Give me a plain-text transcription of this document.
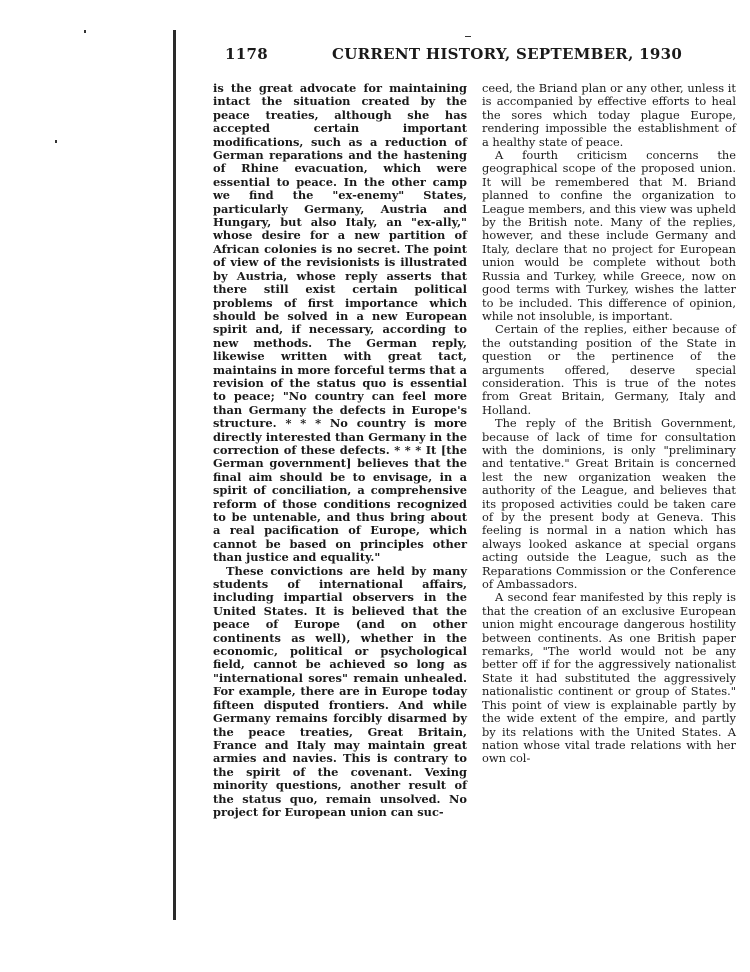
1178	CURRENT HISTORY, SEPTEMBER, 1930

is the great advocate for maintaining intact the situation created by the peace treaties, although she has accepted certain important modifications, such as a reduction of German reparations and the hastening of Rhine evacuation, which were essential to peace. In the other camp we find the "ex-enemy" States, particularly Germany, Austria and Hungary, but also Italy, an "ex-ally," whose desire for a new partition of African colonies is no secret. The point of view of the revisionists is illustrated by Austria, whose reply asserts that there still exist certain political problems of first importance which should be solved in a new European spirit and, if necessary, according to new methods. The German reply, likewise written with great tact, maintains in more forceful terms that a revision of the status quo is essential to peace; "No country can feel more than Germany the defects in Europe's structure. * * * No country is more directly interested than Germany in the correction of these defects. * * * It [the German government] believes that the final aim should be to envisage, in a spirit of conciliation, a comprehensive reform of those conditions recognized to be untenable, and thus bring about a real pacification of Europe, which cannot be based on principles other than justice and equality."

These convictions are held by many students of international affairs, including impartial observers in the United States. It is believed that the peace of Europe (and on other continents as well), whether in the economic, political or psychological field, cannot be achieved so long as "international sores" remain unhealed. For example, there are in Europe today fifteen disputed frontiers. And while Germany remains forcibly disarmed by the peace treaties, Great Britain, France and Italy may maintain great armies and navies. This is contrary to the spirit of the covenant. Vexing minority questions, another result of the status quo, remain unsolved. No project for European union can suc-

ceed, the Briand plan or any other, unless it is accompanied by effective efforts to heal the sores which today plague Europe, rendering impossible the establishment of a healthy state of peace.

A fourth criticism concerns the geographical scope of the proposed union. It will be remembered that M. Briand planned to confine the organization to League members, and this view was upheld by the British note. Many of the replies, however, and these include Germany and Italy, declare that no project for European union would be complete without both Russia and Turkey, while Greece, now on good terms with Turkey, wishes the latter to be included. This difference of opinion, while not insoluble, is important.

Certain of the replies, either because of the outstanding position of the State in question or the pertinence of the arguments offered, deserve special consideration. This is true of the notes from Great Britain, Germany, Italy and Holland.

The reply of the British Government, because of lack of time for consultation with the dominions, is only "preliminary and tentative." Great Britain is concerned lest the new organization weaken the authority of the League, and believes that its proposed activities could be taken care of by the present body at Geneva. This feeling is normal in a nation which has always looked askance at special organs acting outside the League, such as the Reparations Commission or the Conference of Ambassadors.

A second fear manifested by this reply is that the creation of an exclusive European union might encourage dangerous hostility between continents. As one British paper remarks, "The world would not be any better off if for the aggressively nationalist State it had substituted the aggressively nationalistic continent or group of States." This point of view is explainable partly by the wide extent of the empire, and partly by its relations with the United States. A nation whose vital trade relations with her own col-
